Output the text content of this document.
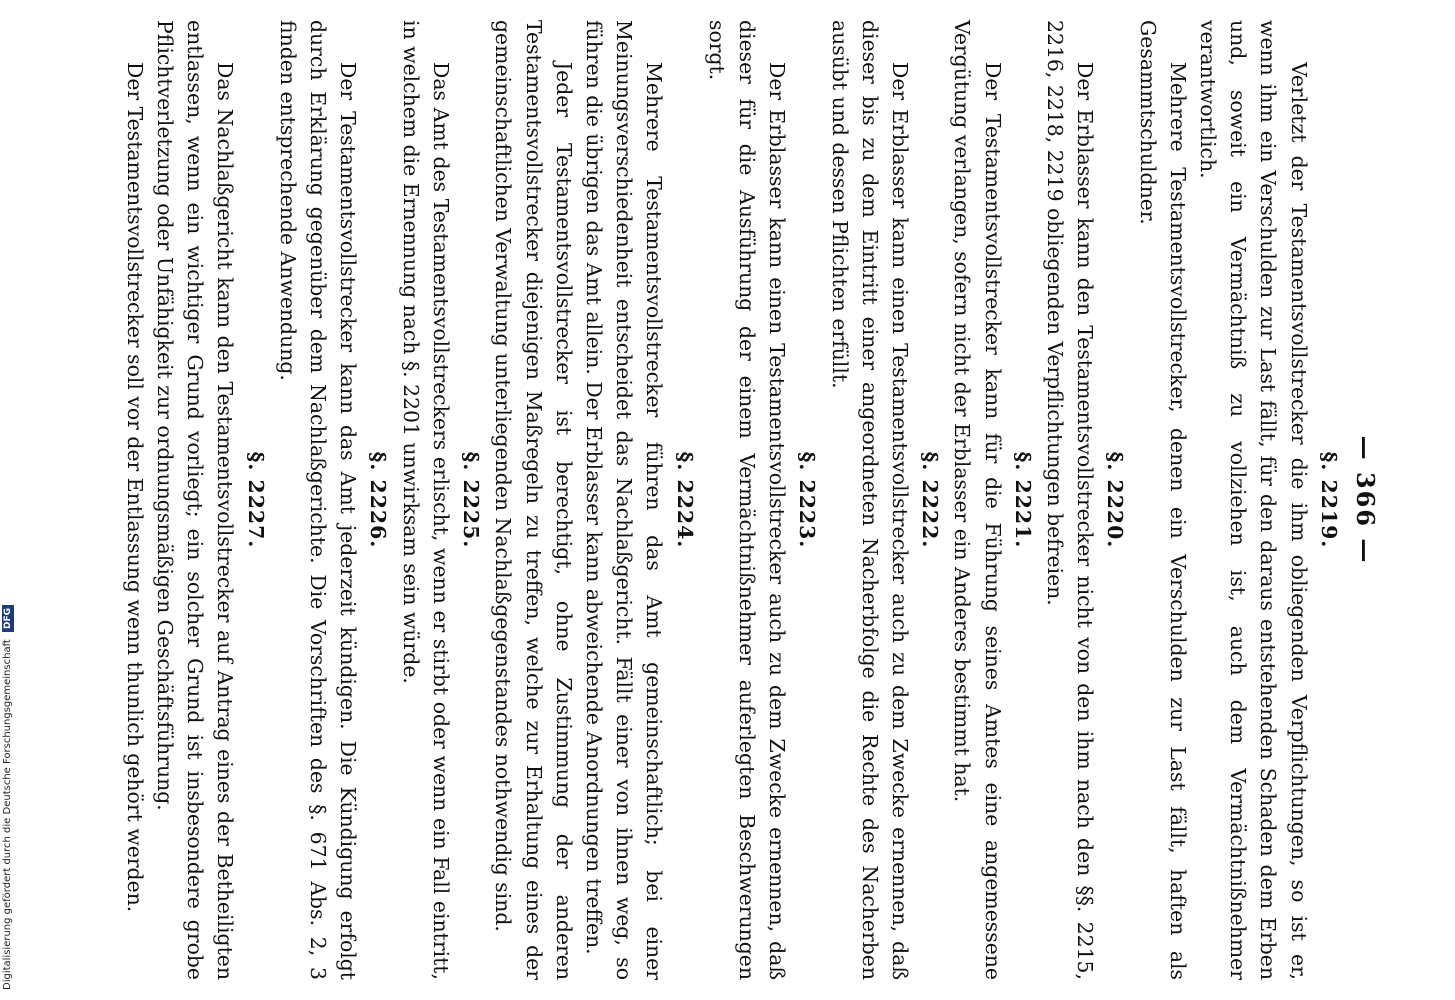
— 366 —
§. 2219.

Verletzt der Testamentsvollstrecker die ihm obliegenden Verpflichtungen, so ist er, wenn ihm ein Verschulden zur Last fällt, für den daraus entstehenden Schaden dem Erben und, soweit ein Vermächtniß zu vollziehen ist, auch dem Vermächtnißnehmer verantwortlich.

Mehrere Testamentsvollstrecker, denen ein Verschulden zur Last fällt, haften als Gesammtschuldner.

§. 2220.

Der Erblasser kann den Testamentsvollstrecker nicht von den ihm nach den §§. 2215, 2216, 2218, 2219 obliegenden Verpflichtungen befreien.

§. 2221.

Der Testamentsvollstrecker kann für die Führung seines Amtes eine angemessene Vergütung verlangen, sofern nicht der Erblasser ein Anderes bestimmt hat.

§. 2222.

Der Erblasser kann einen Testamentsvollstrecker auch zu dem Zwecke ernennen, daß dieser bis zu dem Eintritt einer angeordneten Nacherbfolge die Rechte des Nacherben ausübt und dessen Pflichten erfüllt.

§. 2223.

Der Erblasser kann einen Testamentsvollstrecker auch zu dem Zwecke ernennen, daß dieser für die Ausführung der einem Vermächtnißnehmer auferlegten Beschwerungen sorgt.

§. 2224.

Mehrere Testamentsvollstrecker führen das Amt gemeinschaftlich; bei einer Meinungsverschiedenheit entscheidet das Nachlaßgericht. Fällt einer von ihnen weg, so führen die übrigen das Amt allein. Der Erblasser kann abweichende Anordnungen treffen.

Jeder Testamentsvollstrecker ist berechtigt, ohne Zustimmung der anderen Testamentsvollstrecker diejenigen Maßregeln zu treffen, welche zur Erhaltung eines der gemeinschaftlichen Verwaltung unterliegenden Nachlaßgegenstandes nothwendig sind.

§. 2225.

Das Amt des Testamentsvollstreckers erlischt, wenn er stirbt oder wenn ein Fall eintritt, in welchem die Ernennung nach §. 2201 unwirksam sein würde.

§. 2226.

Der Testamentsvollstrecker kann das Amt jederzeit kündigen. Die Kündigung erfolgt durch Erklärung gegenüber dem Nachlaßgerichte. Die Vorschriften des §. 671 Abs. 2, 3 finden entsprechende Anwendung.

§. 2227.

Das Nachlaßgericht kann den Testamentsvollstrecker auf Antrag eines der Betheiligten entlassen, wenn ein wichtiger Grund vorliegt; ein solcher Grund ist insbesondere grobe Pflichtverletzung oder Unfähigkeit zur ordnungsmäßigen Geschäftsführung.

Der Testamentsvollstrecker soll vor der Entlassung wenn thunlich gehört werden.

Digitalisierung gefördert durch die Deutsche Forschungsgemeinschaft DFG
